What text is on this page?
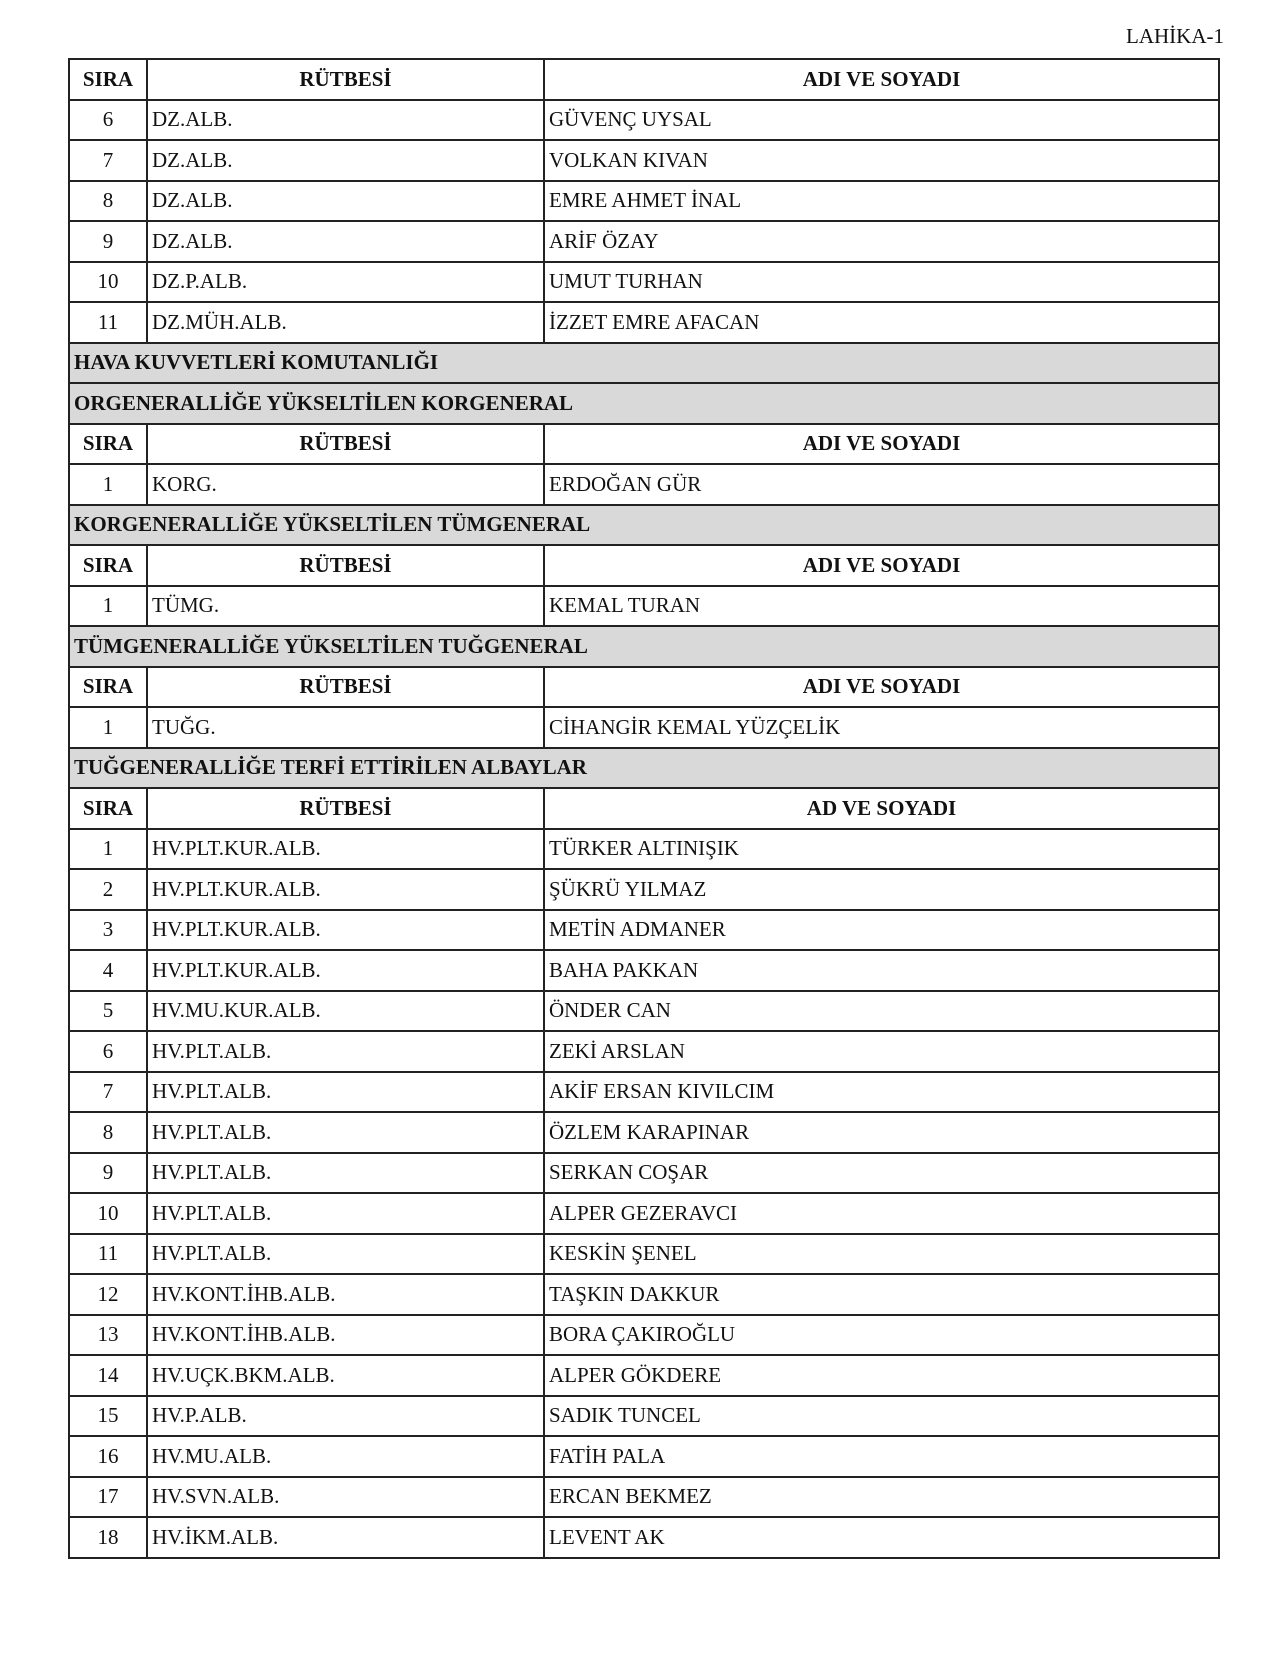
LAHİKA-1
SIRA	RÜTBESİ	ADI VE SOYADI
6	DZ.ALB.	GÜVENÇ UYSAL
7	DZ.ALB.	VOLKAN KIVAN
8	DZ.ALB.	EMRE AHMET İNAL
9	DZ.ALB.	ARİF ÖZAY
10	DZ.P.ALB.	UMUT TURHAN
11	DZ.MÜH.ALB.	İZZET EMRE AFACAN
HAVA KUVVETLERİ KOMUTANLIĞI		
ORGENERALLİĞE YÜKSELTİLEN KORGENERAL		
SIRA	RÜTBESİ	ADI VE SOYADI
1	KORG.	ERDOĞAN GÜR
KORGENERALLİĞE YÜKSELTİLEN TÜMGENERAL		
SIRA	RÜTBESİ	ADI VE SOYADI
1	TÜMG.	KEMAL TURAN
TÜMGENERALLİĞE YÜKSELTİLEN TUĞGENERAL		
SIRA	RÜTBESİ	ADI VE SOYADI
1	TUĞG.	CİHANGİR KEMAL YÜZÇELİK
TUĞGENERALLİĞE TERFİ ETTİRİLEN ALBAYLAR		
SIRA	RÜTBESİ	AD VE SOYADI
1	HV.PLT.KUR.ALB.	TÜRKER ALTINIŞIK
2	HV.PLT.KUR.ALB.	ŞÜKRÜ YILMAZ
3	HV.PLT.KUR.ALB.	METİN ADMANER
4	HV.PLT.KUR.ALB.	BAHA PAKKAN
5	HV.MU.KUR.ALB.	ÖNDER CAN
6	HV.PLT.ALB.	ZEKİ ARSLAN
7	HV.PLT.ALB.	AKİF ERSAN KIVILCIM
8	HV.PLT.ALB.	ÖZLEM KARAPINAR
9	HV.PLT.ALB.	SERKAN COŞAR
10	HV.PLT.ALB.	ALPER GEZERAVCI
11	HV.PLT.ALB.	KESKİN ŞENEL
12	HV.KONT.İHB.ALB.	TAŞKIN DAKKUR
13	HV.KONT.İHB.ALB.	BORA ÇAKIROĞLU
14	HV.UÇK.BKM.ALB.	ALPER GÖKDERE
15	HV.P.ALB.	SADIK TUNCEL
16	HV.MU.ALB.	FATİH PALA
17	HV.SVN.ALB.	ERCAN BEKMEZ
18	HV.İKM.ALB.	LEVENT AK
